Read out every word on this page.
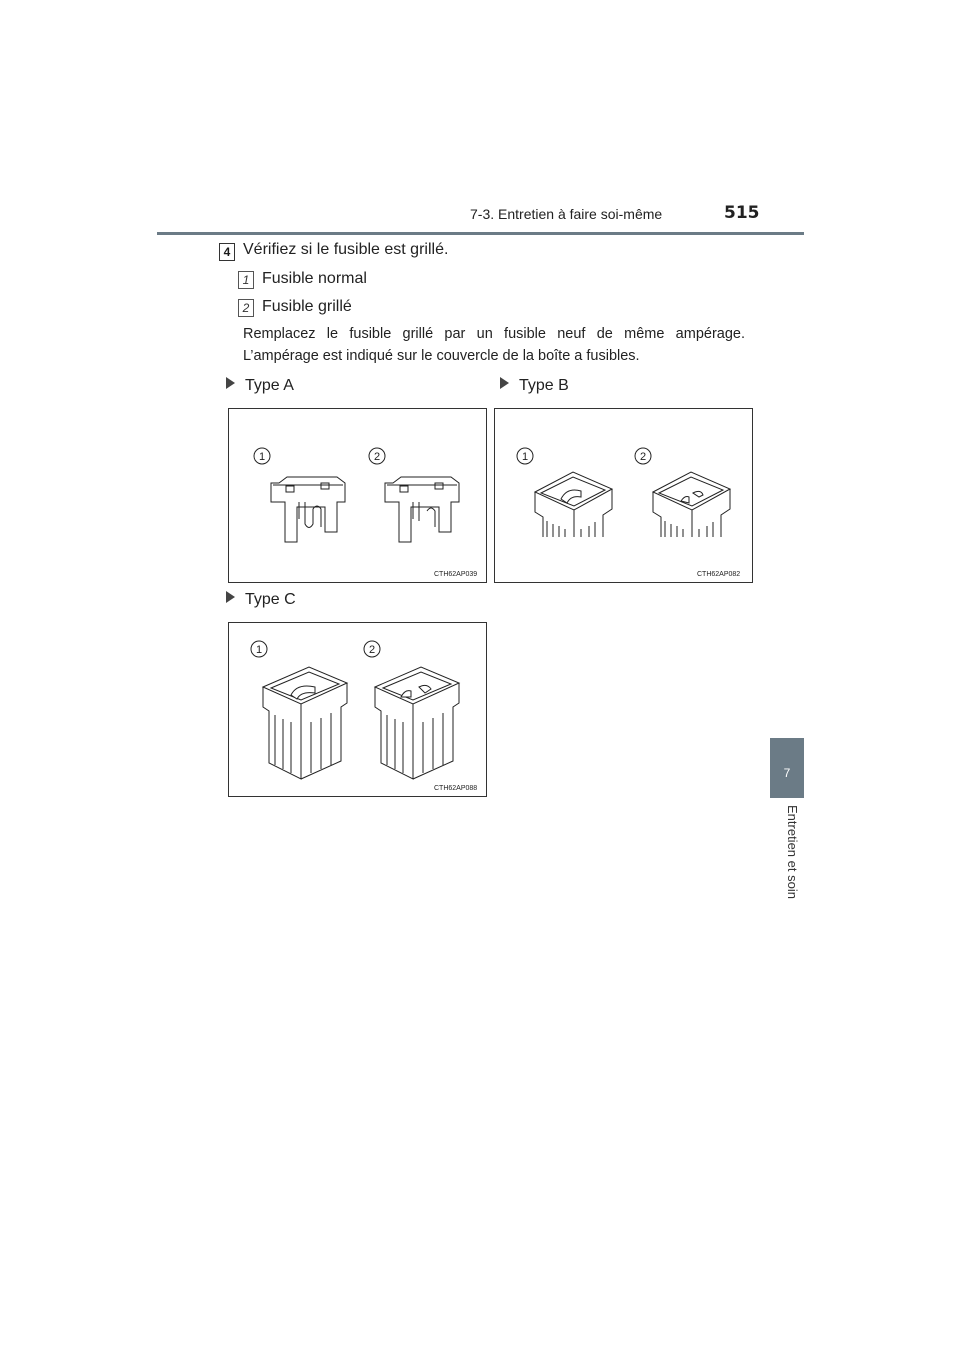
7-3. Entretien à faire soi-même	515
7
Entretien et soin
4 Vérifiez si le fusible est grillé.
1 Fusible normal
2 Fusible grillé
Remplacez le fusible grillé par un fusible neuf de même ampérage. L’ampérage est indiqué sur le couvercle de la boîte a fusibles.
Type A
1	2
CTH62AP039
Type B
1	2
CTH62AP082
Type C
1	2
CTH62AP088
